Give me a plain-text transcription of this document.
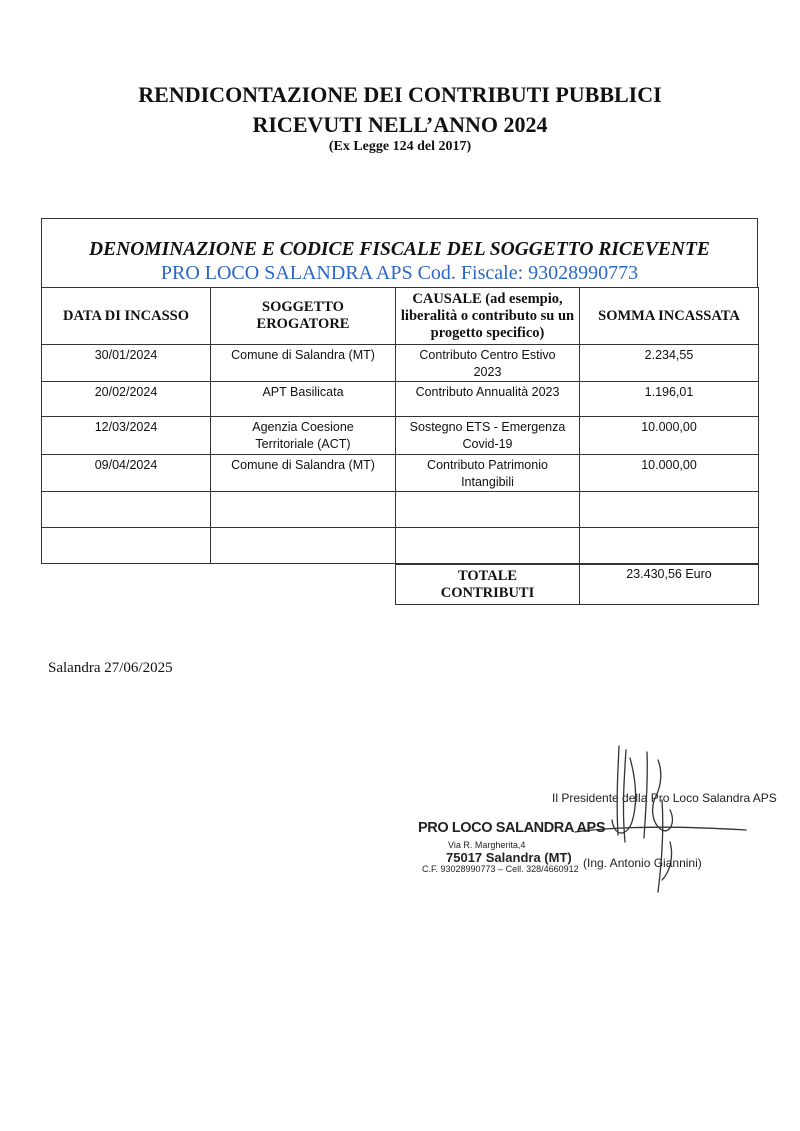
RENDICONTAZIONE DEI CONTRIBUTI PUBBLICI
RICEVUTI NELL’ANNO 2024
(Ex Legge 124 del 2017)
DENOMINAZIONE E CODICE FISCALE DEL SOGGETTO RICEVENTE
PRO LOCO SALANDRA APS Cod. Fiscale: 93028990773
DATA DI INCASSO	SOGGETTO EROGATORE	CAUSALE (ad esempio, liberalità o contributo su un progetto specifico)	SOMMA INCASSATA
30/01/2024	Comune di Salandra (MT)	Contributo Centro Estivo 2023	2.234,55
20/02/2024	APT Basilicata	Contributo Annualità 2023	1.196,01
12/03/2024	Agenzia Coesione Territoriale (ACT)	Sostegno ETS - Emergenza Covid-19	10.000,00
09/04/2024	Comune di Salandra (MT)	Contributo Patrimonio Intangibili	10.000,00

TOTALE CONTRIBUTI	23.430,56 Euro
Salandra 27/06/2025
Il Presidente della Pro Loco Salandra APS
PRO LOCO SALANDRA APS
Via R. Margherita,4
75017 Salandra (MT)
C.F. 93028990773 – Cell. 328/4660912 (Ing. Antonio Giannini)
